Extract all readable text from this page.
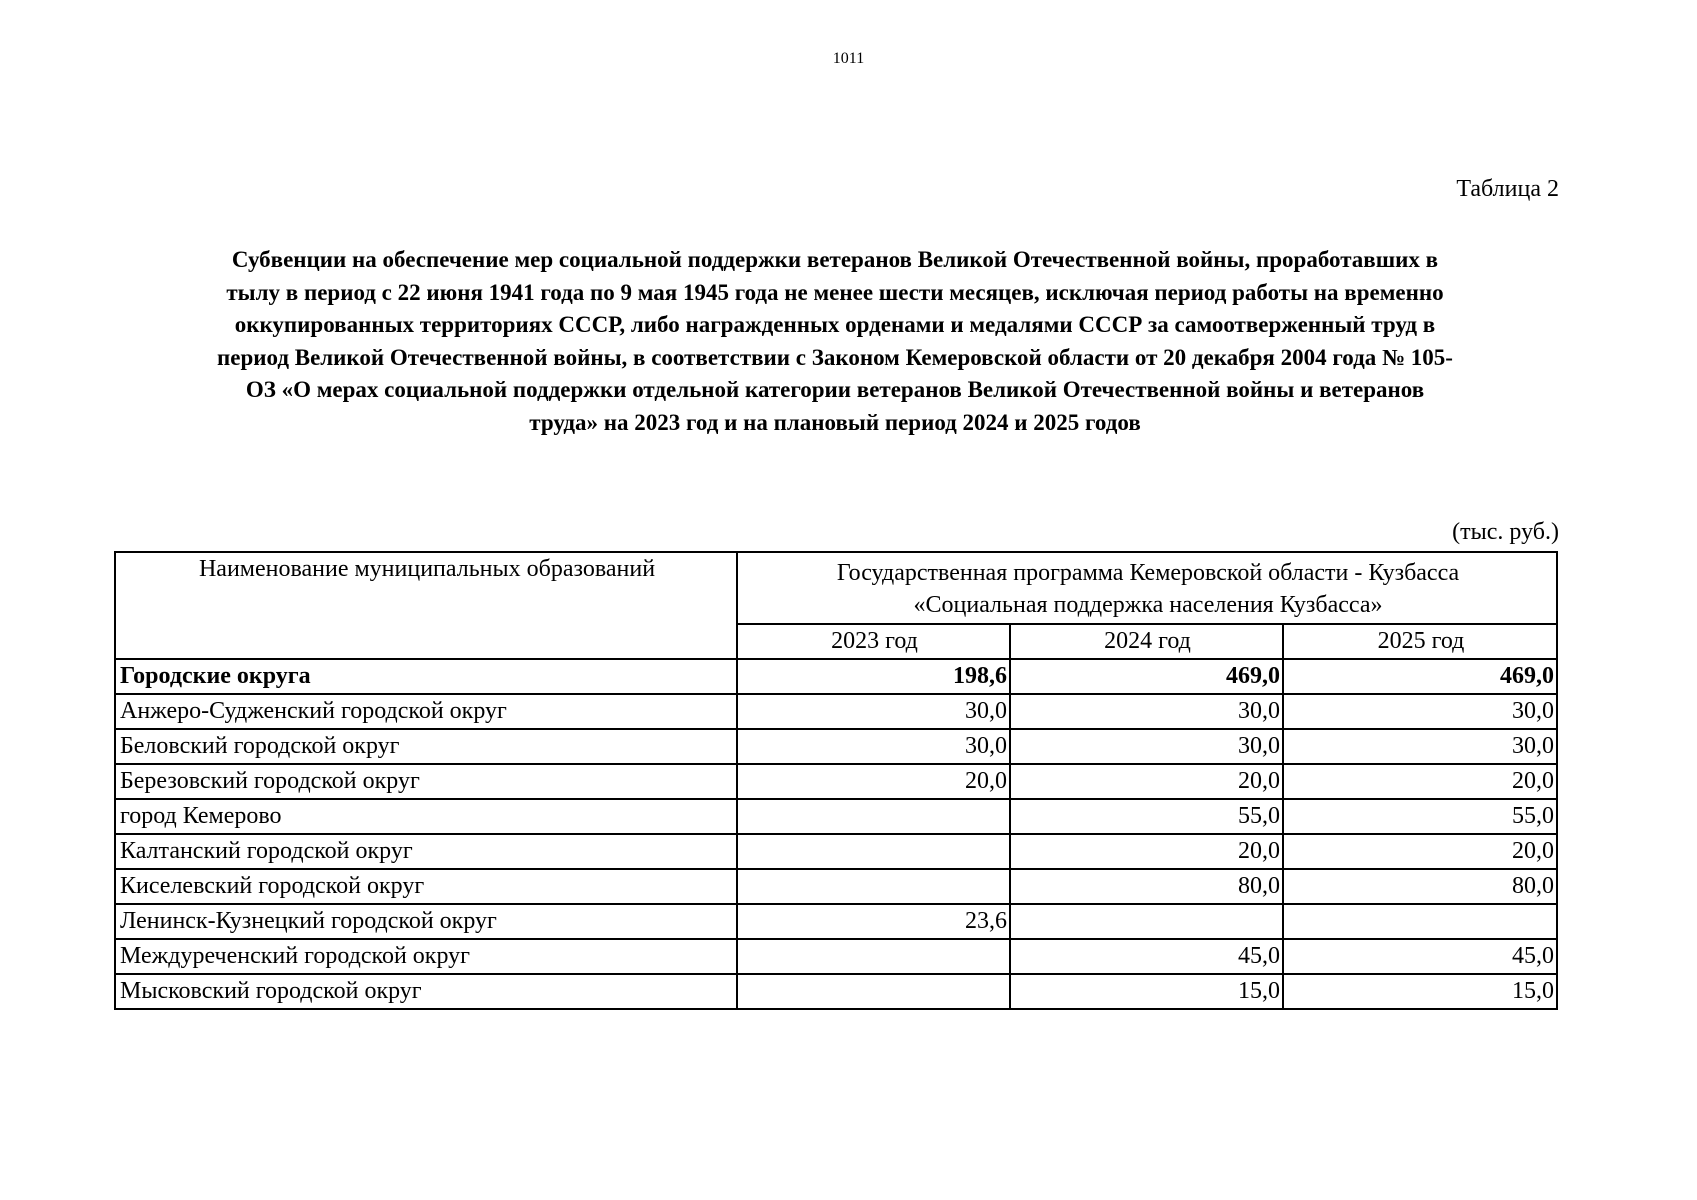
1011
Таблица 2
Субвенции на обеспечение мер социальной поддержки ветеранов Великой Отечественной войны, проработавших в
тылу в период с 22 июня 1941 года по 9 мая 1945 года не менее шести месяцев, исключая период работы на временно
оккупированных территориях СССР, либо награжденных орденами и медалями СССР за самоотверженный труд в
период Великой Отечественной войны, в соответствии с Законом Кемеровской области от 20 декабря 2004 года № 105-
ОЗ «О мерах социальной поддержки отдельной категории ветеранов Великой Отечественной войны и ветеранов
труда» на 2023 год и на плановый период 2024 и 2025 годов
(тыс. руб.)
Наименование муниципальных образований	Государственная программа Кемеровской области - Кузбасса
«Социальная поддержка населения Кузбасса»		

	2023 год	2024 год	2025 год
Городские округа	198,6	469,0	469,0
Анжеро-Судженский городской округ	30,0	30,0	30,0
Беловский городской округ	30,0	30,0	30,0
Березовский городской округ	20,0	20,0	20,0
город Кемерово		55,0	55,0
Калтанский городской округ		20,0	20,0
Киселевский городской округ		80,0	80,0
Ленинск-Кузнецкий городской округ	23,6		
Междуреченский городской округ		45,0	45,0
Мысковский городской округ		15,0	15,0
